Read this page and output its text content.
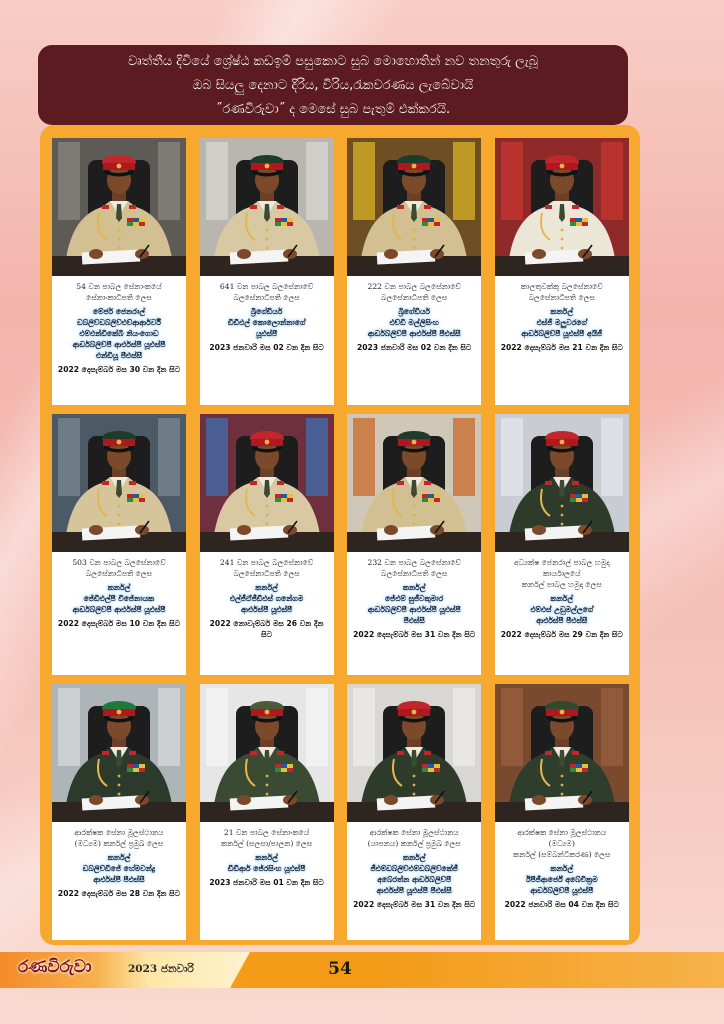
වෘත්තීය දිවියේ ශ්‍රේෂ්ඨ කඩඉම් පසුකොට සුබ මොහොතින් නව තනතුරු ලැබූ
ඔබ සියලු දෙනාට දිරිය, විරිය,රැකවරණය ලැබේවායි
˝රණවිරුවා˝ ද මෙසේ සුබ පැතුම් එක්කරයි.
54 වන පාබල සේනාංකයේ
සේනාංකාධිපති ලෙස
මේජර් ජෙනරාල්
ඩබ්ලිව්ඩබ්ලිව්එච්ආර්ආර්වී
එම්එන්ඩීකේබී නියංගොඩ
ආර්ඩබ්ලිව්පී ආර්එස්පී යූඑස්පී
එන්ඩියූ පීඑස්සී
2022 දෙසැම්බර් මස 30 වන දින සිට
641 වන පාබල බලසේනාවේ
බලසේනාධිපති ලෙස
බ්‍රිගේඩියර්
ඩීඩීඑල් කොලොන්නාගේ
යූඑස්පී
2023 ජනවාරි මස 02 වන දින සිට
222 වන පාබල බලසේනාවේ
බලසේනාධිපති ලෙස
බ්‍රිගේඩියර්
එච්ඩී මල්ලිසිංහ
ආර්ඩබ්ලිව්පී ආර්එස්පී පීඑස්සී
2023 ජනවාරි මස 02 වන දින සිට
කාලතුවක්කු බලසේනාවේ
බලසේනාධිපති ලෙස
කර්නල්
එස්ජී මලුවරගේ
ආර්ඩබ්ලිව්පී යූඑස්පී අයිජී
2022 දෙසැම්බර් මස 21 වන දින සිට
503 වන පාබල බලසේනාවේ
බලසේනාධිපති ලෙස
කර්නල්
ජේඩීඑල්පී විජේනායක
ආර්ඩබ්ලිව්පී ආර්එස්පී යූඑස්පී
2022 දෙසැම්බර් මස 10 වන දින සිට
241 වන පාබල බලසේනාවේ
බලසේනාධිපති ලෙස
කර්නල්
එල්ජීඒජීඩීඑස් ගනේගම
ආර්එස්පී යූඑස්පී
2022 නොවැම්බර් මස 26 වන දින සිට
232 වන පාබල බලසේනාවේ
බලසේනාධිපති ලෙස
කර්නල්
ජේඑම් සුජීවකුමාර
ආර්ඩබ්ලිව්පී ආර්එස්පී යූඑස්පී
පීඑස්සී
2022 දෙසැම්බර් මස 31 වන දින සිට
අධ්‍යක්ෂ ජෙනරාල් පාබල හමුදා
කාර්යාලයේ
කර්නල් පාබල හමුදා ලෙස
කර්නල්
එම්එස් උඩුමල්ලගේ
ආර්එස්පී පීඑස්සී
2022 දෙසැම්බර් මස 29 වන දින සිට
ආරක්ෂක සේනා මූලස්ථානය
(මධ්‍යම) කර්නල් ප්‍රමුඛ ලෙස
කර්නල්
ඩබ්ලිව්ඩීජේ හේමචන්ද්‍ර
ආර්එස්පී පීඑස්සී
2022 දෙසැම්බර් මස 28 වන දින සිට
21 වන පාබල සේනාංකයේ
කර්නල් (සලසා/පාලන) ලෙස
කර්නල්
ඩීඩීආර් ජේරසිංහ යූඑස්පී
2023 ජනවාරි මස 01 වන දින සිට
ආරක්ෂක සේනා මූලස්ථානය
(යාපනය) කර්නල් ප්‍රමුඛ ලෙස
කර්නල්
ජීඑම්ඩබ්ලිව්එම්ඩබ්ලිව්කේජී
අබේරත්න ආර්ඩබ්ලිව්පී
ආර්එස්පී යූඑස්පී පීඑස්සී
2022 දෙසැම්බර් මස 31 වන දින සිට
ආරක්ෂක සේනා මූලස්ථානය
(මධ්‍යම)
කර්නල් (සම්බන්ධීකරණ) ලෙස
කර්නල්
ඊපීජීආර්ජේ අබේවික්‍රම
ආර්ඩබ්ලිව්පී යූඑස්පී
2022 ජනවාරි මස 04 වන දින සිට
රණවිරුවා	2023 ජනවාරි	54
